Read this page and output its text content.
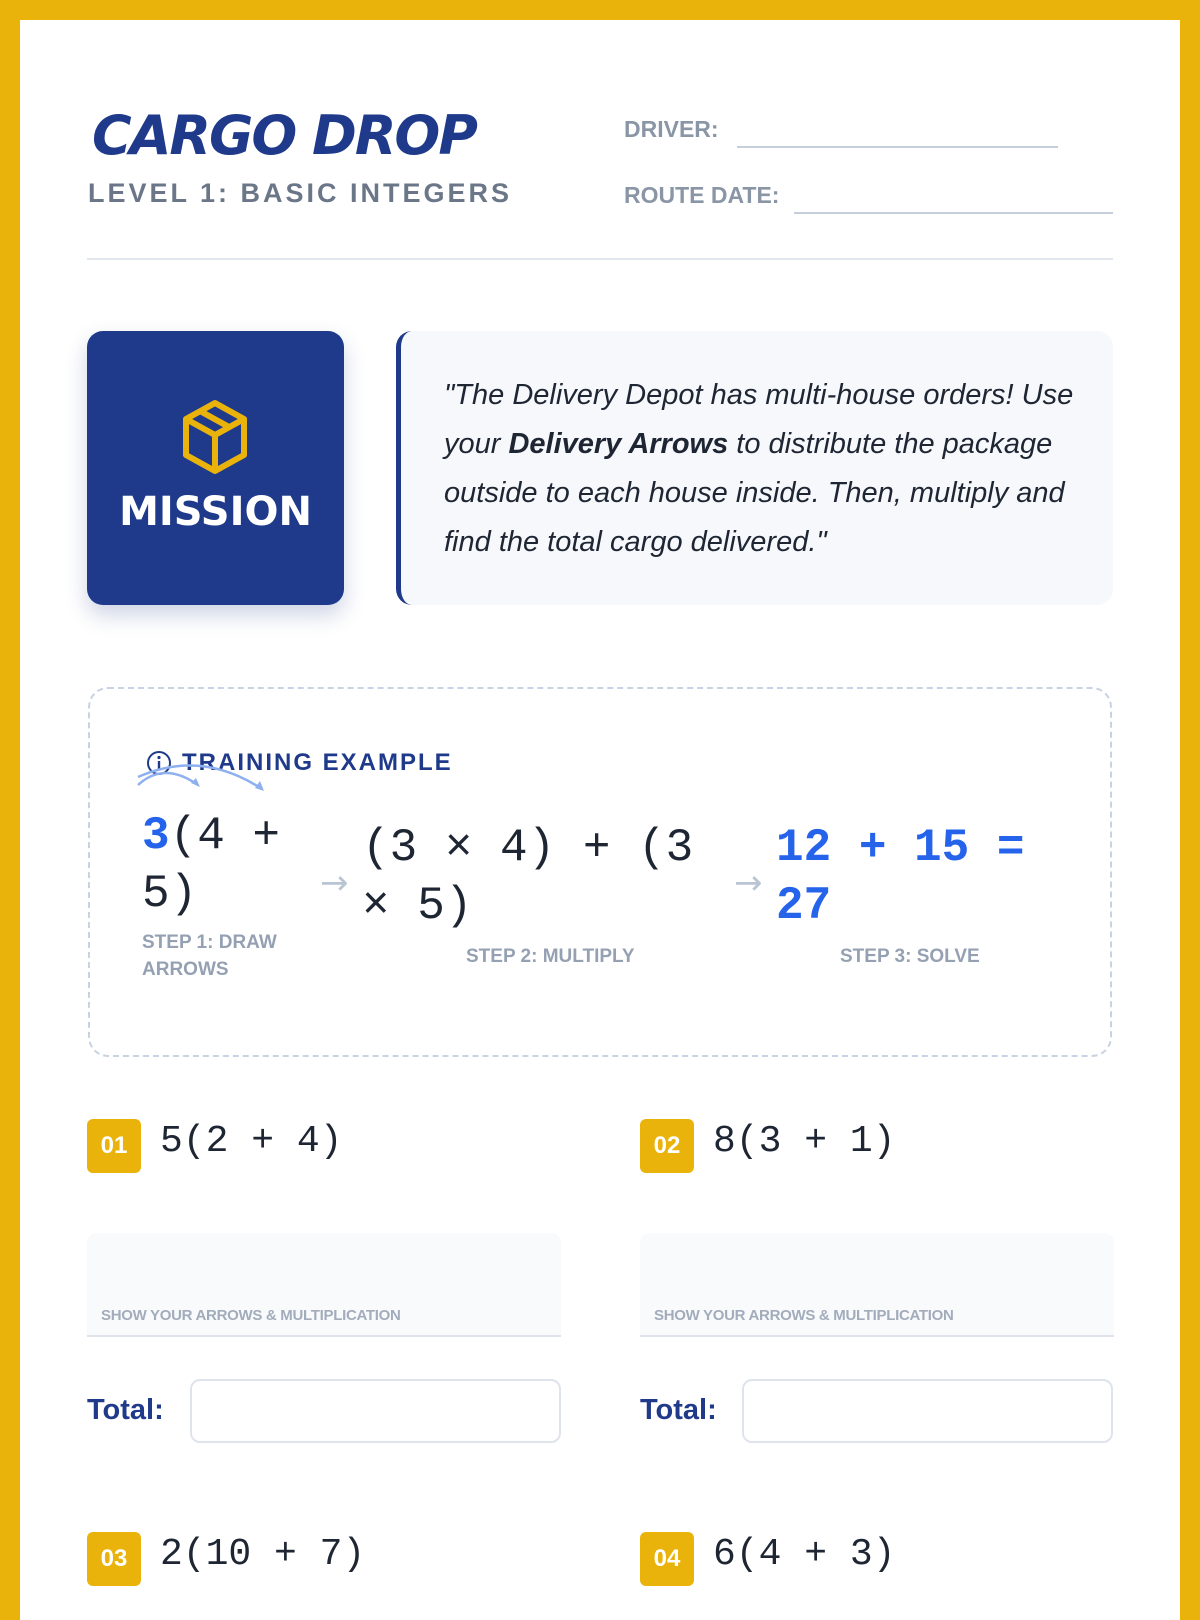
CARGO DROP
LEVEL 1: BASIC INTEGERS
DRIVER:
ROUTE DATE:
MISSION

"The Delivery Depot has multi-house orders! Use your Delivery Arrows to distribute the package outside to each house inside. Then, multiply and find the total cargo delivered."

TRAINING EXAMPLE
3(4 + 5)	→
(3 × 4) + (3 × 5)	→
12 + 15 = 27
STEP 1: DRAW ARROWS
STEP 2: MULTIPLY	STEP 3: SOLVE
01 5(2 + 4)
SHOW YOUR ARROWS & MULTIPLICATION
Total:
02 8(3 + 1)
SHOW YOUR ARROWS & MULTIPLICATION
Total:
03 2(10 + 7)	04 6(4 + 3)
